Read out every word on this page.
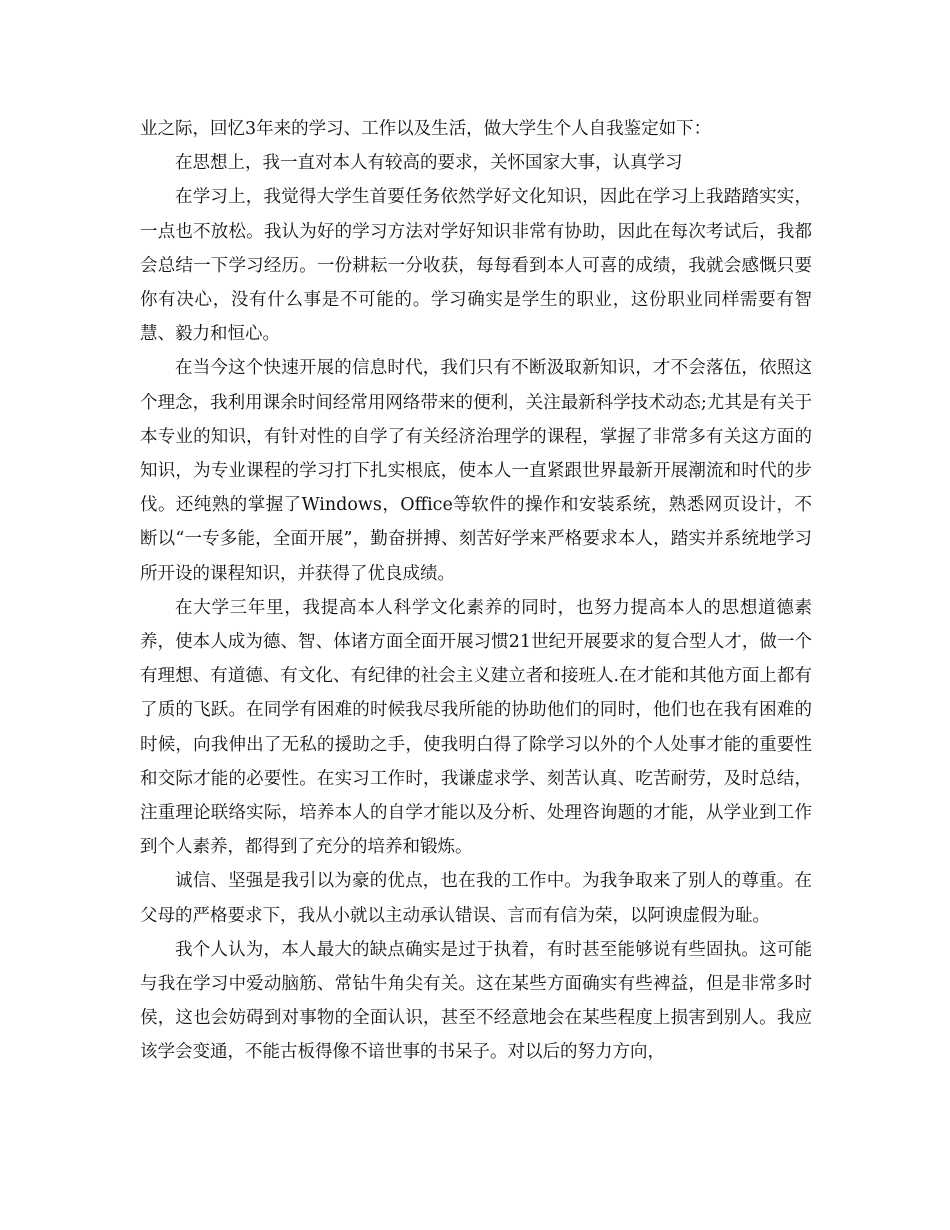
业之际，回忆3年来的学习、工作以及生活，做大学生个人自我鉴定如下：

在思想上，我一直对本人有较高的要求，关怀国家大事，认真学习

在学习上，我觉得大学生首要任务依然学好文化知识，因此在学习上我踏踏实实，一点也不放松。我认为好的学习方法对学好知识非常有协助，因此在每次考试后，我都会总结一下学习经历。一份耕耘一分收获，每每看到本人可喜的成绩，我就会感慨只要你有决心，没有什么事是不可能的。学习确实是学生的职业，这份职业同样需要有智慧、毅力和恒心。

在当今这个快速开展的信息时代，我们只有不断汲取新知识，才不会落伍，依照这个理念，我利用课余时间经常用网络带来的便利，关注最新科学技术动态;尤其是有关于本专业的知识，有针对性的自学了有关经济治理学的课程，掌握了非常多有关这方面的知识，为专业课程的学习打下扎实根底，使本人一直紧跟世界最新开展潮流和时代的步伐。还纯熟的掌握了Windows，Office等软件的操作和安装系统，熟悉网页设计，不断以“一专多能，全面开展”，勤奋拼搏、刻苦好学来严格要求本人，踏实并系统地学习所开设的课程知识，并获得了优良成绩。

在大学三年里，我提高本人科学文化素养的同时，也努力提高本人的思想道德素养，使本人成为德、智、体诸方面全面开展习惯21世纪开展要求的复合型人才，做一个有理想、有道德、有文化、有纪律的社会主义建立者和接班人.在才能和其他方面上都有了质的飞跃。在同学有困难的时候我尽我所能的协助他们的同时，他们也在我有困难的时候，向我伸出了无私的援助之手，使我明白得了除学习以外的个人处事才能的重要性和交际才能的必要性。在实习工作时，我谦虚求学、刻苦认真、吃苦耐劳，及时总结，注重理论联络实际，培养本人的自学才能以及分析、处理咨询题的才能，从学业到工作到个人素养，都得到了充分的培养和锻炼。

诚信、坚强是我引以为豪的优点，也在我的工作中。为我争取来了别人的尊重。在父母的严格要求下，我从小就以主动承认错误、言而有信为荣，以阿谀虚假为耻。

我个人认为，本人最大的缺点确实是过于执着，有时甚至能够说有些固执。这可能与我在学习中爱动脑筋、常钻牛角尖有关。这在某些方面确实有些裨益，但是非常多时侯，这也会妨碍到对事物的全面认识，甚至不经意地会在某些程度上损害到别人。我应该学会变通，不能古板得像不谙世事的书呆子。对以后的努力方向，
